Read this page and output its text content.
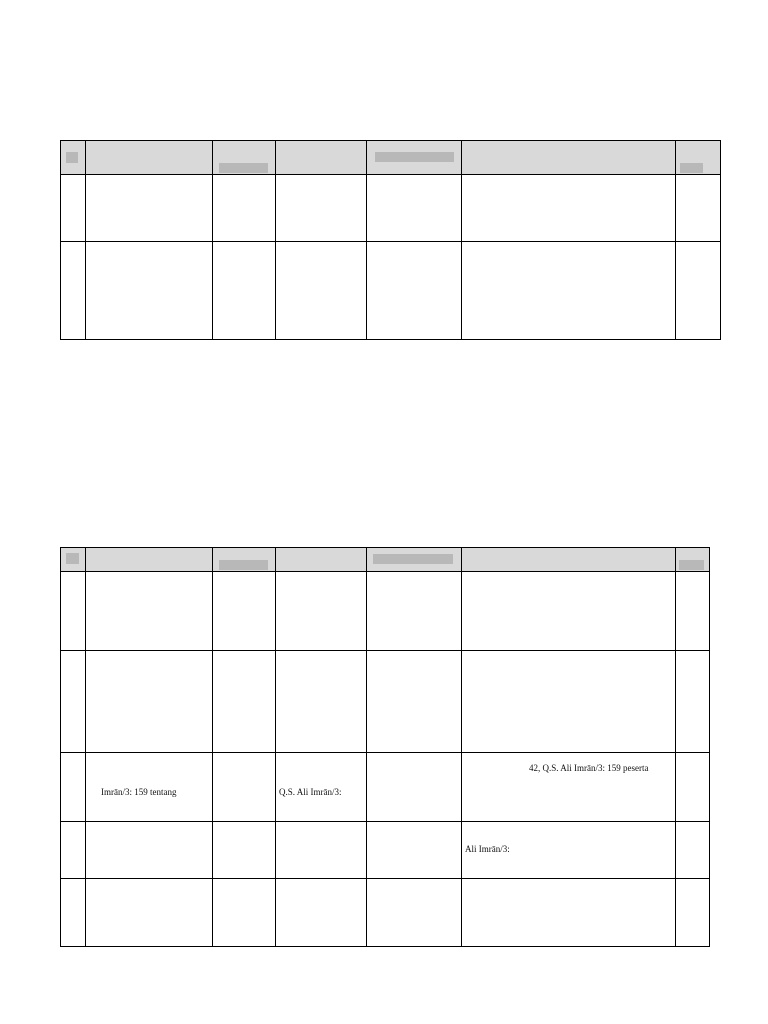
Imrān/3: 159 tentang	Q.S. Ali Imrān/3:
42, Q.S. Ali Imrān/3: 159 peserta
Ali Imrān/3:
